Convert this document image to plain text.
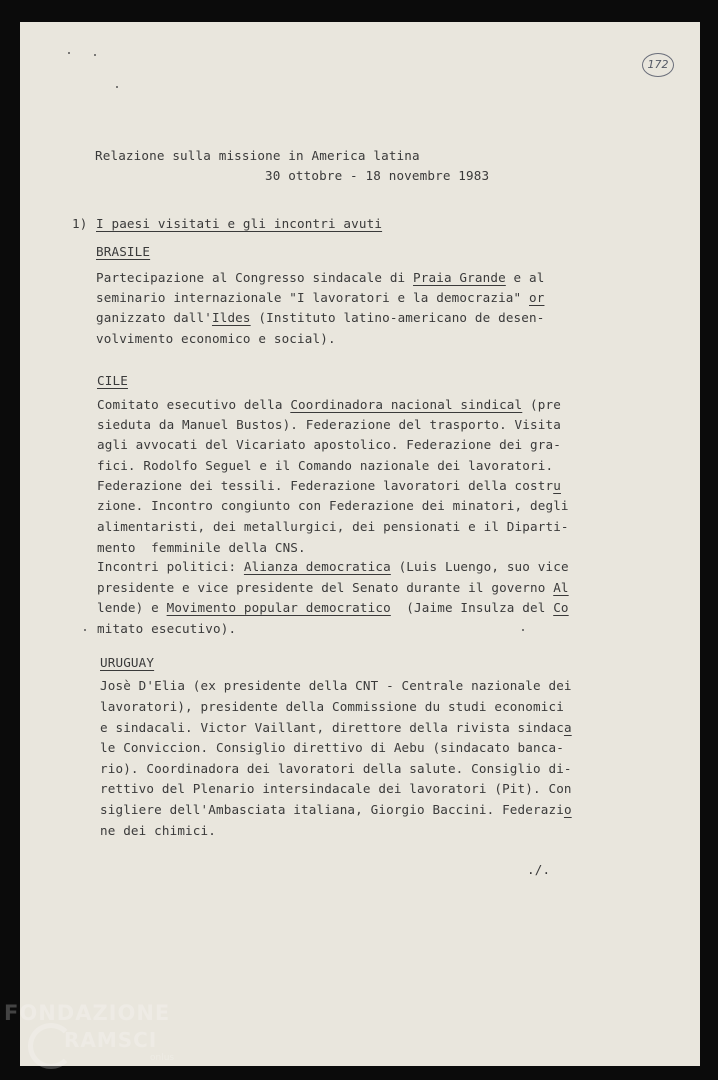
172
Relazione sulla missione in America latina
30 ottobre - 18 novembre 1983
1) I paesi visitati e gli incontri avuti
BRASILE
Partecipazione al Congresso sindacale di Praia Grande e al
seminario internazionale "I lavoratori e la democrazia" or
ganizzato dall'Ildes (Instituto latino-americano de desen-
volvimento economico e social).
CILE
Comitato esecutivo della Coordinadora nacional sindical (pre
sieduta da Manuel Bustos). Federazione del trasporto. Visita
agli avvocati del Vicariato apostolico. Federazione dei gra-
fici. Rodolfo Seguel e il Comando nazionale dei lavoratori.
Federazione dei tessili. Federazione lavoratori della costru
zione. Incontro congiunto con Federazione dei minatori, degli
alimentaristi, dei metallurgici, dei pensionati e il Diparti-
mento  femminile della CNS.
Incontri politici: Alianza democratica (Luis Luengo, suo vice
presidente e vice presidente del Senato durante il governo Al
lende) e Movimento popular democratico  (Jaime Insulza del Co
mitato esecutivo).
URUGUAY
Josè D'Elia (ex presidente della CNT - Centrale nazionale dei
lavoratori), presidente della Commissione du studi economici
e sindacali. Victor Vaillant, direttore della rivista sindaca
le Conviccion. Consiglio direttivo di Aebu (sindacato banca-
rio). Coordinadora dei lavoratori della salute. Consiglio di-
rettivo del Plenario intersindacale dei lavoratori (Pit). Con
sigliere dell'Ambasciata italiana, Giorgio Baccini. Federazio
ne dei chimici.
./.
FONDAZIONE
RAMSCI
onlus
